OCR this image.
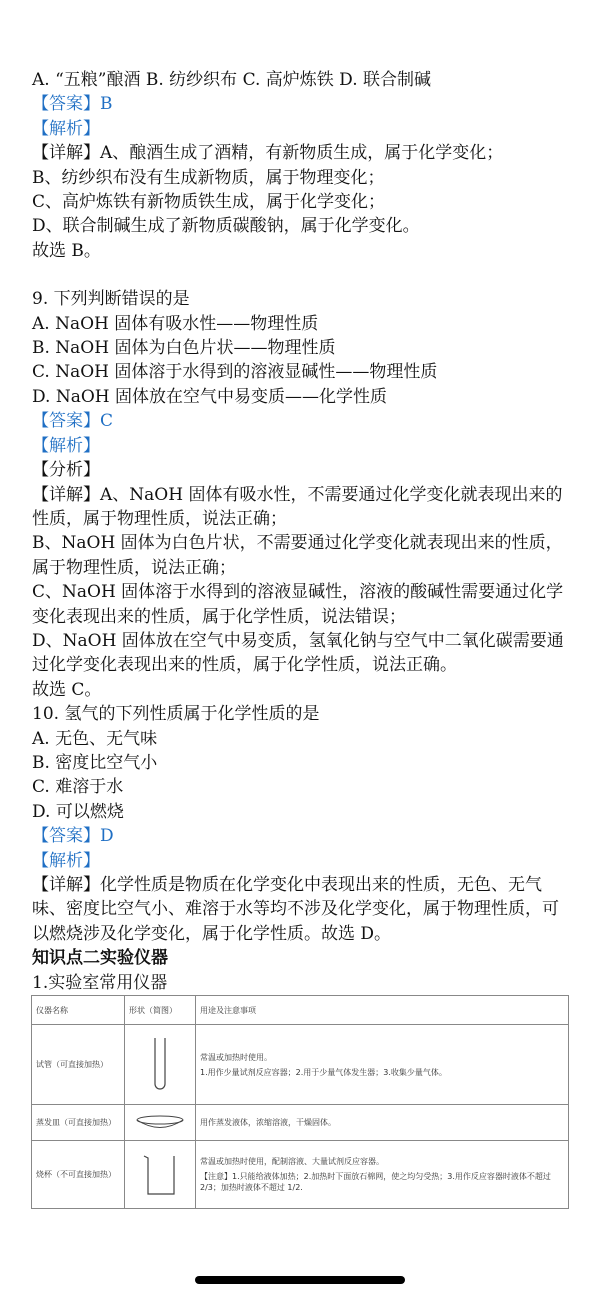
A. “五粮”酿酒 B. 纺纱织布 C. 高炉炼铁 D. 联合制碱
【答案】B
【解析】
【详解】A、酿酒生成了酒精，有新物质生成，属于化学变化；
B、纺纱织布没有生成新物质，属于物理变化；
C、高炉炼铁有新物质铁生成，属于化学变化；
D、联合制碱生成了新物质碳酸钠，属于化学变化。
故选 B。
9. 下列判断错误的是
A. NaOH 固体有吸水性——物理性质
B. NaOH 固体为白色片状——物理性质
C. NaOH 固体溶于水得到的溶液显碱性——物理性质
D. NaOH 固体放在空气中易变质——化学性质
【答案】C
【解析】
【分析】
【详解】A、NaOH 固体有吸水性，不需要通过化学变化就表现出来的性质，属于物理性质，说法正确；
B、NaOH 固体为白色片状，不需要通过化学变化就表现出来的性质，属于物理性质，说法正确；
C、NaOH 固体溶于水得到的溶液显碱性，溶液的酸碱性需要通过化学变化表现出来的性质，属于化学性质，说法错误；
D、NaOH 固体放在空气中易变质，氢氧化钠与空气中二氧化碳需要通过化学变化表现出来的性质，属于化学性质，说法正确。
故选 C。
10. 氢气的下列性质属于化学性质的是
A. 无色、无气味
B. 密度比空气小
C. 难溶于水
D. 可以燃烧
【答案】D
【解析】
【详解】化学性质是物质在化学变化中表现出来的性质，无色、无气味、密度比空气小、难溶于水等均不涉及化学变化，属于物理性质，可以燃烧涉及化学变化，属于化学性质。故选 D。
知识点二实验仪器
1.实验室常用仪器
仪器名称	形状（简图）	用途及注意事项
试管（可直接加热）		常温或加热时使用。
1.用作少量试剂反应容器；2.用于少量气体发生器；3.收集少量气体。

蒸发皿（可直接加热）		用作蒸发液体，浓缩溶液，干燥固体。

烧杯（不可直接加热）		常温或加热时使用，配制溶液、大量试剂反应容器。
【注意】1.只能给液体加热；2.加热时下面放石棉网，使之均匀受热；3.用作反应容器时液体不超过 2/3；加热时液体不超过 1/2.
